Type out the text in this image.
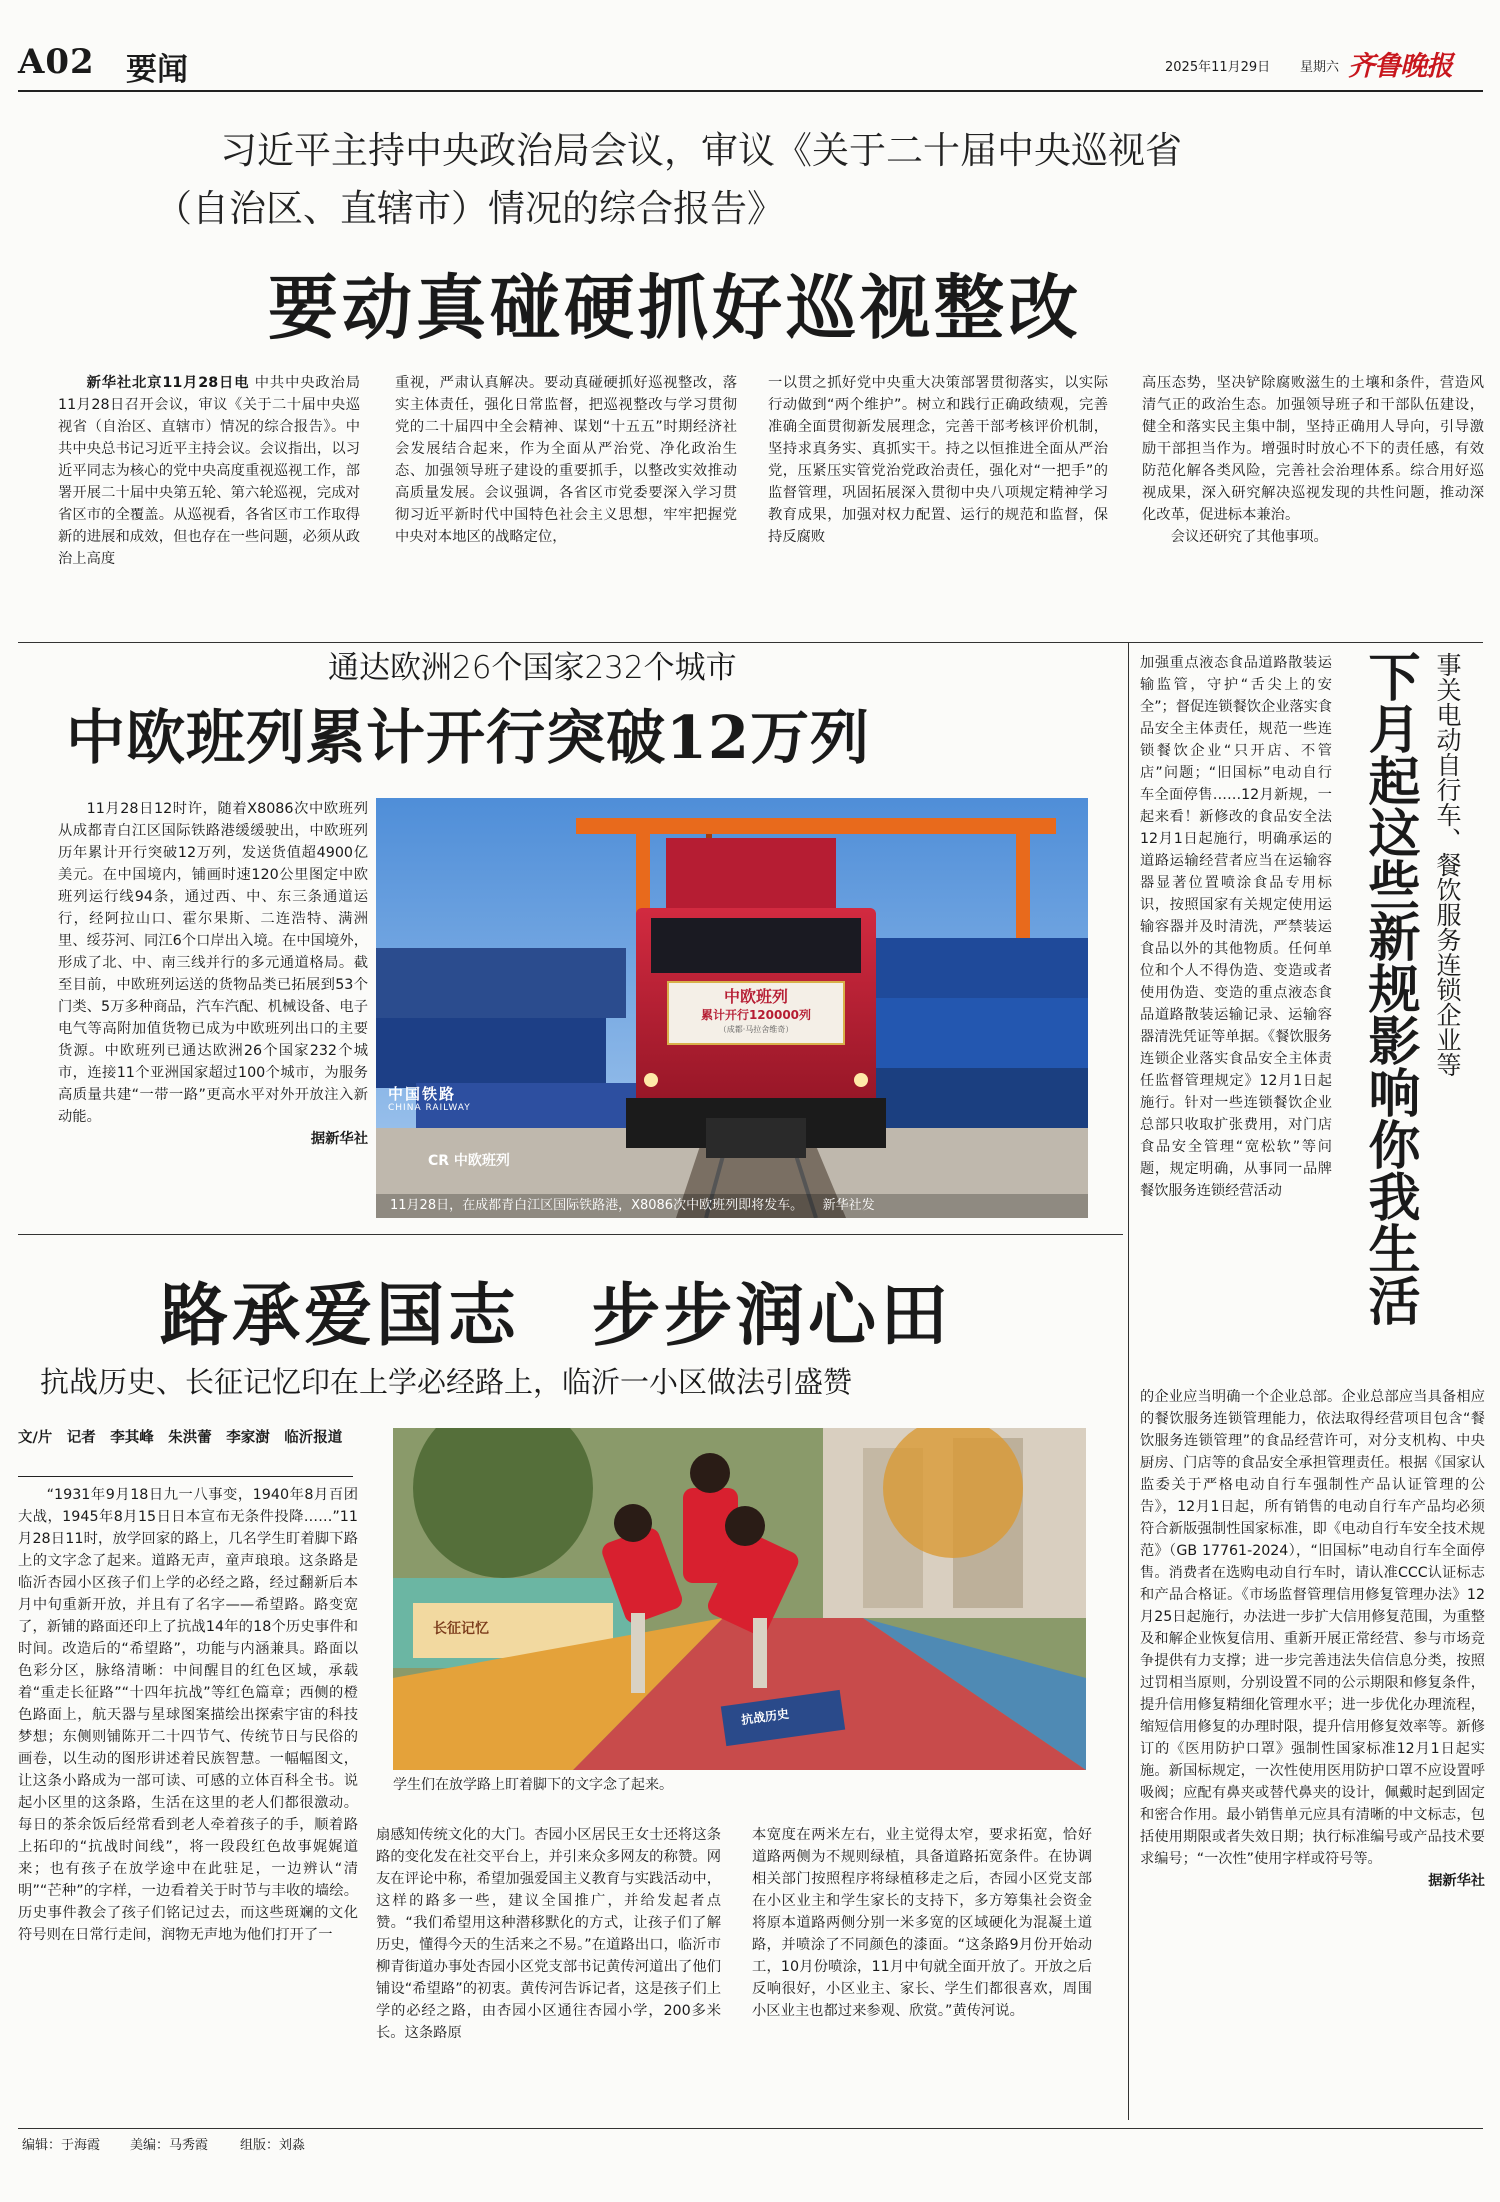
A02 要闻	2025年11月29日 星期六 齐鲁晚报
习近平主持中央政治局会议，审议《关于二十届中央巡视省
（自治区、直辖市）情况的综合报告》
要动真碰硬抓好巡视整改

新华社北京11月28日电 中共中央政治局11月28日召开会议，审议《关于二十届中央巡视省（自治区、直辖市）情况的综合报告》。中共中央总书记习近平主持会议。会议指出，以习近平同志为核心的党中央高度重视巡视工作，部署开展二十届中央第五轮、第六轮巡视，完成对省区市的全覆盖。从巡视看，各省区市工作取得新的进展和成效，但也存在一些问题，必须从政治上高度

重视，严肃认真解决。要动真碰硬抓好巡视整改，落实主体责任，强化日常监督，把巡视整改与学习贯彻党的二十届四中全会精神、谋划“十五五”时期经济社会发展结合起来，作为全面从严治党、净化政治生态、加强领导班子建设的重要抓手，以整改实效推动高质量发展。会议强调，各省区市党委要深入学习贯彻习近平新时代中国特色社会主义思想，牢牢把握党中央对本地区的战略定位，
一以贯之抓好党中央重大决策部署贯彻落实，以实际行动做到“两个维护”。树立和践行正确政绩观，完善准确全面贯彻新发展理念，完善干部考核评价机制，坚持求真务实、真抓实干。持之以恒推进全面从严治党，压紧压实管党治党政治责任，强化对“一把手”的监督管理，巩固拓展深入贯彻中央八项规定精神学习教育成果，加强对权力配置、运行的规范和监督，保持反腐败
高压态势，坚决铲除腐败滋生的土壤和条件，营造风清气正的政治生态。加强领导班子和干部队伍建设，健全和落实民主集中制，坚持正确用人导向，引导激励干部担当作为。增强时时放心不下的责任感，有效防范化解各类风险，完善社会治理体系。综合用好巡视成果，深入研究解决巡视发现的共性问题，推动深化改革，促进标本兼治。

会议还研究了其他事项。

通达欧洲26个国家232个城市
中欧班列累计开行突破12万列

11月28日12时许，随着X8086次中欧班列从成都青白江区国际铁路港缓缓驶出，中欧班列历年累计开行突破12万列，发送货值超4900亿美元。在中国境内，铺画时速120公里图定中欧班列运行线94条，通过西、中、东三条通道运行，经阿拉山口、霍尔果斯、二连浩特、满洲里、绥芬河、同江6个口岸出入境。在中国境外，形成了北、中、南三线并行的多元通道格局。截至目前，中欧班列运送的货物品类已拓展到53个门类、5万多种商品，汽车汽配、机械设备、电子电气等高附加值货物已成为中欧班列出口的主要货源。中欧班列已通达欧洲26个国家232个城市，连接11个亚洲国家超过100个城市，为服务高质量共建“一带一路”更高水平对外开放注入新动能。

据新华社
中国铁路
CHINA RAILWAY
CR 中欧班列
中欧班列
累计开行120000列
（成都·马拉舍维奇）
11月28日，在成都青白江区国际铁路港，X8086次中欧班列即将发车。　　新华社发
路承爱国志　步步润心田
抗战历史、长征记忆印在上学必经路上，临沂一小区做法引盛赞
文/片　记者　李其峰　朱洪蕾　李家澍　临沂报道

“1931年9月18日九一八事变，1940年8月百团大战，1945年8月15日日本宣布无条件投降……”11月28日11时，放学回家的路上，几名学生盯着脚下路上的文字念了起来。道路无声，童声琅琅。这条路是临沂杏园小区孩子们上学的必经之路，经过翻新后本月中旬重新开放，并且有了名字——希望路。路变宽了，新铺的路面还印上了抗战14年的18个历史事件和时间。改造后的“希望路”，功能与内涵兼具。路面以色彩分区，脉络清晰：中间醒目的红色区域，承载着“重走长征路”“十四年抗战”等红色篇章；西侧的橙色路面上，航天器与星球图案描绘出探索宇宙的科技梦想；东侧则铺陈开二十四节气、传统节日与民俗的画卷，以生动的图形讲述着民族智慧。一幅幅图文，让这条小路成为一部可读、可感的立体百科全书。说起小区里的这条路，生活在这里的老人们都很激动。每日的茶余饭后经常看到老人牵着孩子的手，顺着路上拓印的“抗战时间线”，将一段段红色故事娓娓道来；也有孩子在放学途中在此驻足，一边辨认“清明”“芒种”的字样，一边看着关于时节与丰收的墙绘。历史事件教会了孩子们铭记过去，而这些斑斓的文化符号则在日常行走间，润物无声地为他们打开了一

抗战历史
长征记忆
学生们在放学路上盯着脚下的文字念了起来。
扇感知传统文化的大门。杏园小区居民王女士还将这条路的变化发在社交平台上，并引来众多网友的称赞。网友在评论中称，希望加强爱国主义教育与实践活动中，这样的路多一些，建议全国推广，并给发起者点赞。“我们希望用这种潜移默化的方式，让孩子们了解历史，懂得今天的生活来之不易。”在道路出口，临沂市柳青街道办事处杏园小区党支部书记黄传河道出了他们铺设“希望路”的初衷。黄传河告诉记者，这是孩子们上学的必经之路，由杏园小区通往杏园小学，200多米长。这条路原
本宽度在两米左右，业主觉得太窄，要求拓宽，恰好道路两侧为不规则绿植，具备道路拓宽条件。在协调相关部门按照程序将绿植移走之后，杏园小区党支部在小区业主和学生家长的支持下，多方筹集社会资金将原本道路两侧分别一米多宽的区域硬化为混凝土道路，并喷涂了不同颜色的漆面。“这条路9月份开始动工，10月份喷涂，11月中旬就全面开放了。开放之后反响很好，小区业主、家长、学生们都很喜欢，周围小区业主也都过来参观、欣赏。”黄传河说。
加强重点液态食品道路散装运输监管，守护“舌尖上的安全”；督促连锁餐饮企业落实食品安全主体责任，规范一些连锁餐饮企业“只开店、不管店”问题；“旧国标”电动自行车全面停售……12月新规，一起来看！新修改的食品安全法12月1日起施行，明确承运的道路运输经营者应当在运输容器显著位置喷涂食品专用标识，按照国家有关规定使用运输容器并及时清洗，严禁装运食品以外的其他物质。任何单位和个人不得伪造、变造或者使用伪造、变造的重点液态食品道路散装运输记录、运输容器清洗凭证等单据。《餐饮服务连锁企业落实食品安全主体责任监督管理规定》12月1日起施行。针对一些连锁餐饮企业总部只收取扩张费用，对门店食品安全管理“宽松软”等问题，规定明确，从事同一品牌餐饮服务连锁经营活动
事关电动自行车、餐饮服务连锁企业等
下月起这些新规影响你我生活
的企业应当明确一个企业总部。企业总部应当具备相应的餐饮服务连锁管理能力，依法取得经营项目包含“餐饮服务连锁管理”的食品经营许可，对分支机构、中央厨房、门店等的食品安全承担管理责任。根据《国家认监委关于严格电动自行车强制性产品认证管理的公告》，12月1日起，所有销售的电动自行车产品均必须符合新版强制性国家标准，即《电动自行车安全技术规范》（GB 17761-2024），“旧国标”电动自行车全面停售。消费者在选购电动自行车时，请认准CCC认证标志和产品合格证。《市场监督管理信用修复管理办法》12月25日起施行，办法进一步扩大信用修复范围，为重整及和解企业恢复信用、重新开展正常经营、参与市场竞争提供有力支撑；进一步完善违法失信信息分类，按照过罚相当原则，分别设置不同的公示期限和修复条件，提升信用修复精细化管理水平；进一步优化办理流程，缩短信用修复的办理时限，提升信用修复效率等。新修订的《医用防护口罩》强制性国家标准12月1日起实施。新国标规定，一次性使用医用防护口罩不应设置呼吸阀；应配有鼻夹或替代鼻夹的设计，佩戴时起到固定和密合作用。最小销售单元应具有清晰的中文标志，包括使用期限或者失效日期；执行标准编号或产品技术要求编号；“一次性”使用字样或符号等。
据新华社
编辑：于海霞 美编：马秀霞 组版：刘淼
